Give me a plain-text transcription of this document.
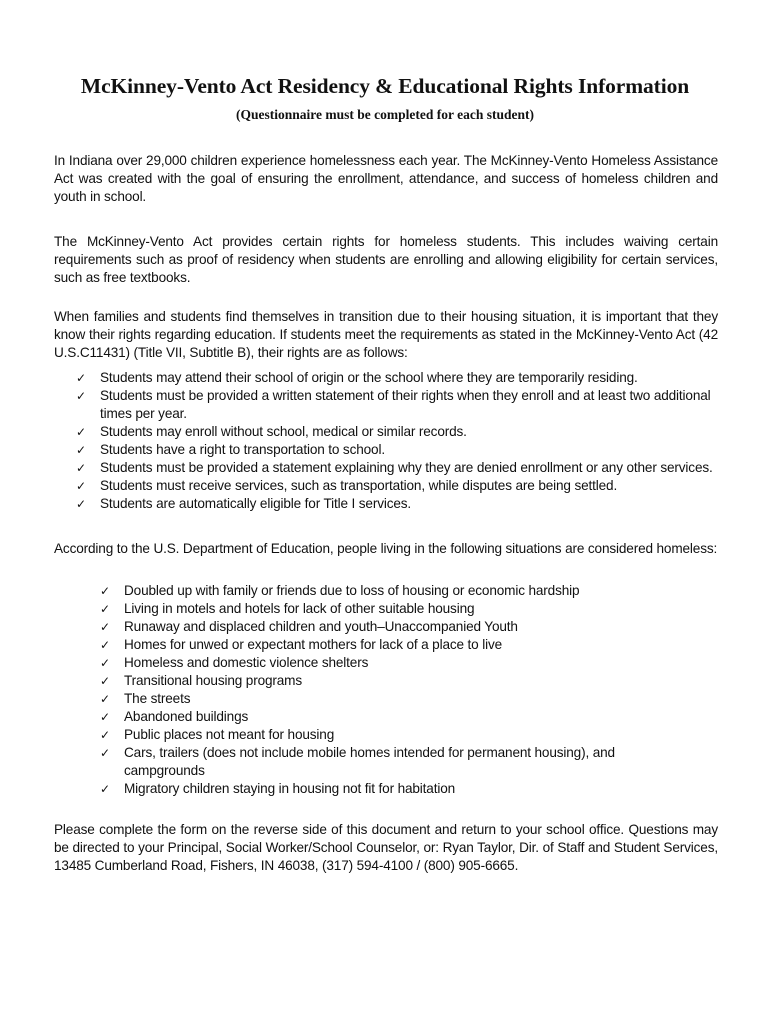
McKinney-Vento Act Residency & Educational Rights Information

(Questionnaire must be completed for each student)

In Indiana over 29,000 children experience homelessness each year. The McKinney-Vento Homeless Assistance Act was created with the goal of ensuring the enrollment, attendance, and success of homeless children and youth in school.

The McKinney-Vento Act provides certain rights for homeless students. This includes waiving certain requirements such as proof of residency when students are enrolling and allowing eligibility for certain services, such as free textbooks.

When families and students find themselves in transition due to their housing situation, it is important that they know their rights regarding education. If students meet the requirements as stated in the McKinney-Vento Act (42 U.S.C11431) (Title VII, Subtitle B), their rights are as follows:

✓	Students may attend their school of origin or the school where they are temporarily residing.
✓	Students must be provided a written statement of their rights when they enroll and at least two additional times per year.
✓	Students may enroll without school, medical or similar records.
✓	Students have a right to transportation to school.
✓	Students must be provided a statement explaining why they are denied enrollment or any other services.
✓	Students must receive services, such as transportation, while disputes are being settled.
✓	Students are automatically eligible for Title I services.

According to the U.S. Department of Education, people living in the following situations are considered homeless:

✓	Doubled up with family or friends due to loss of housing or economic hardship
✓	Living in motels and hotels for lack of other suitable housing
✓	Runaway and displaced children and youth–Unaccompanied Youth
✓	Homes for unwed or expectant mothers for lack of a place to live
✓	Homeless and domestic violence shelters
✓	Transitional housing programs
✓	The streets
✓	Abandoned buildings
✓	Public places not meant for housing
✓	Cars, trailers (does not include mobile homes intended for permanent housing), and campgrounds
✓	Migratory children staying in housing not fit for habitation

Please complete the form on the reverse side of this document and return to your school office. Questions may be directed to your Principal, Social Worker/School Counselor, or: Ryan Taylor, Dir. of Staff and Student Services, 13485 Cumberland Road, Fishers, IN 46038, (317) 594-4100 / (800) 905-6665.
